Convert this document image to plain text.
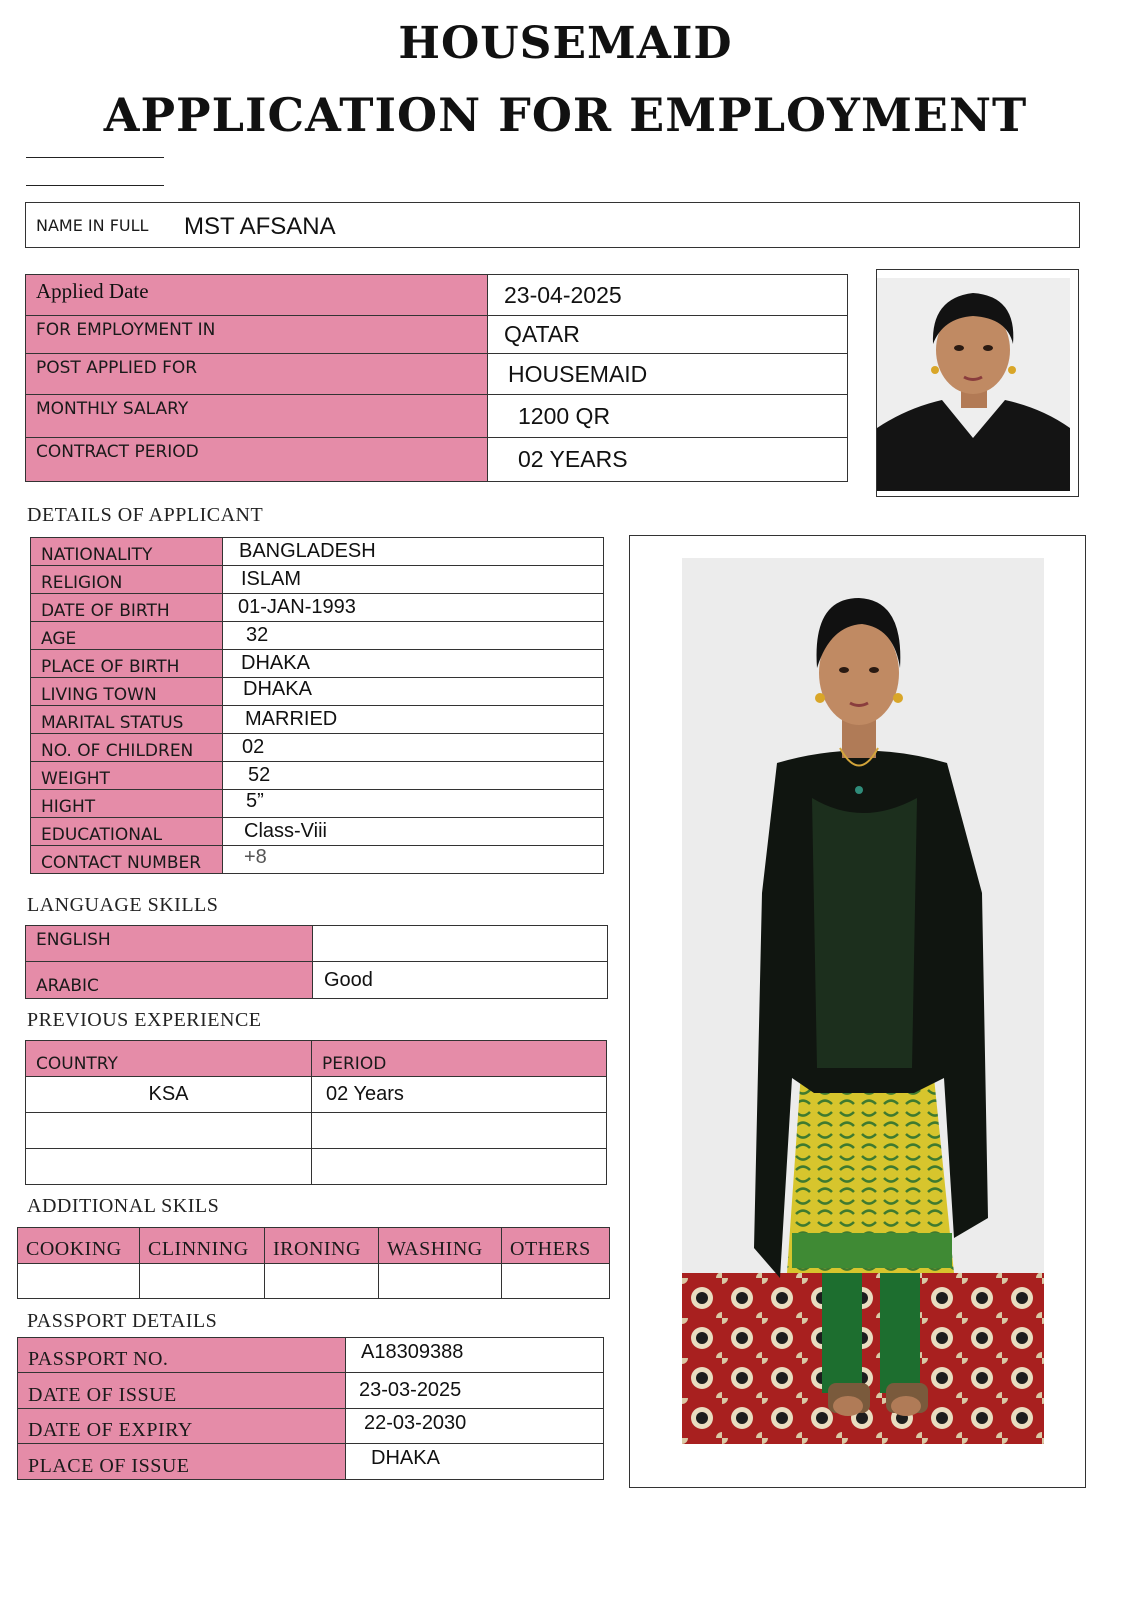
HOUSEMAID
APPLICATION FOR EMPLOYMENT
NAME IN FULL MST AFSANA
Applied Date	23-04-2025
FOR EMPLOYMENT IN	QATAR
POST APPLIED FOR	HOUSEMAID
MONTHLY SALARY	1200 QR
CONTRACT PERIOD	02 YEARS
DETAILS OF APPLICANT
NATIONALITY	BANGLADESH
RELIGION	ISLAM
DATE OF BIRTH	01-JAN-1993
AGE	32
PLACE OF BIRTH	DHAKA
LIVING TOWN	DHAKA
MARITAL STATUS	MARRIED
NO. OF CHILDREN	02
WEIGHT	52
HIGHT	5”
EDUCATIONAL	Class-Viii
CONTACT NUMBER	+8
LANGUAGE SKILLS
ENGLISH	
ARABIC	Good
PREVIOUS EXPERIENCE
COUNTRY	PERIOD
KSA	02 Years

ADDITIONAL SKILS
COOKING	CLINNING	IRONING	WASHING	OTHERS

PASSPORT DETAILS
PASSPORT NO.	A18309388
DATE OF ISSUE	23-03-2025
DATE OF EXPIRY	22-03-2030
PLACE OF ISSUE	DHAKA
